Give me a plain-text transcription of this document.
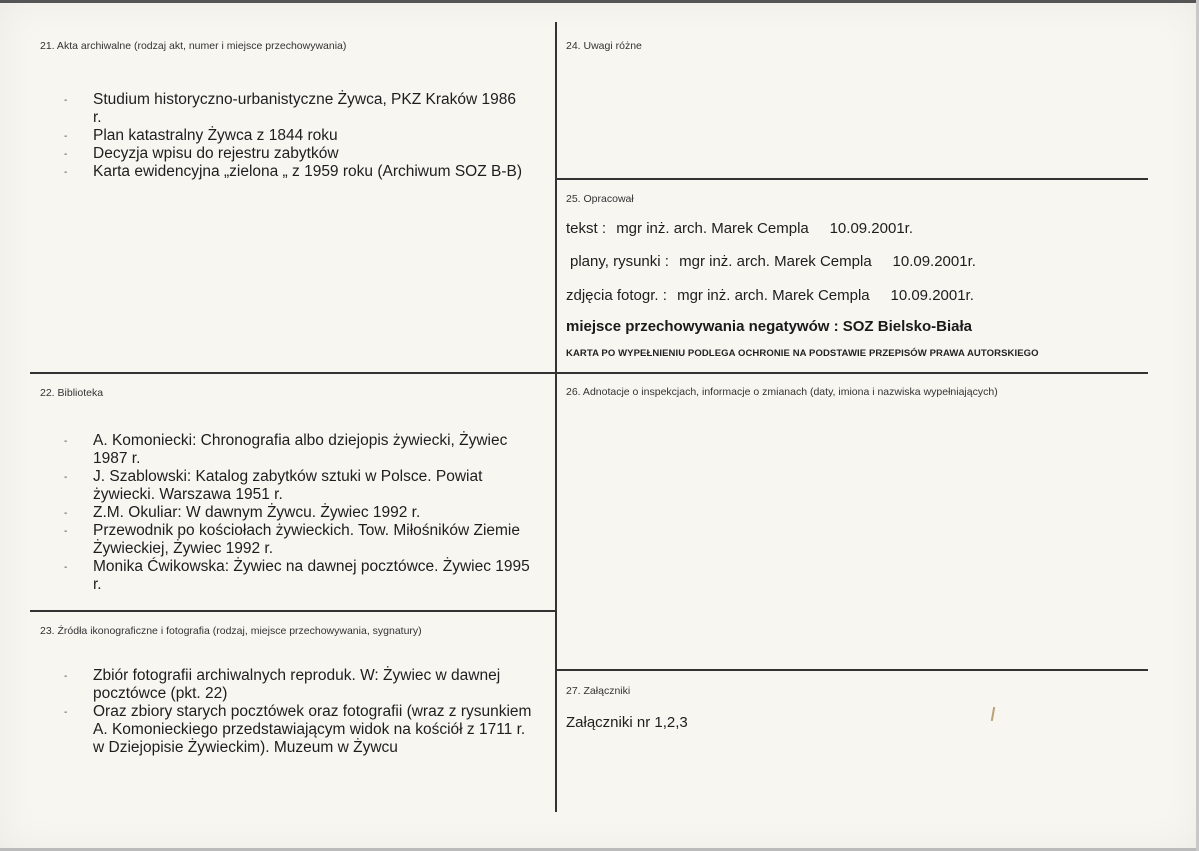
21. Akta archiwalne (rodzaj akt, numer i miejsce przechowywania)
- Studium historyczno-urbanistyczne Żywca, PKZ Kraków 1986 r.
- Plan katastralny Żywca z 1844 roku
- Decyzja wpisu do rejestru zabytków
- Karta ewidencyjna „zielona „ z 1959 roku (Archiwum SOZ B-B)
22. Biblioteka
- A. Komoniecki: Chronografia albo dziejopis żywiecki, Żywiec 1987 r.
- J. Szablowski: Katalog zabytków sztuki w Polsce. Powiat żywiecki. Warszawa 1951 r.
- Z.M. Okuliar: W dawnym Żywcu. Żywiec 1992 r.
- Przewodnik po kościołach żywieckich. Tow. Miłośników Ziemie Żywieckiej, Żywiec 1992 r.
- Monika Ćwikowska: Żywiec na dawnej pocztówce. Żywiec 1995 r.
23. Źródła ikonograficzne i fotografia (rodzaj, miejsce przechowywania, sygnatury)
- Zbiór fotografii archiwalnych reproduk. W: Żywiec w dawnej pocztówce (pkt. 22)
- Oraz zbiory starych pocztówek oraz fotografii (wraz z rysunkiem A. Komonieckiego przedstawiającym widok na kościół z 1711 r. w Dziejopisie Żywieckim). Muzeum w Żywcu
24. Uwagi różne
25. Opracował
tekst : mgr inż. arch. Marek Cempla 10.09.2001r.
plany, rysunki : mgr inż. arch. Marek Cempla 10.09.2001r.
zdjęcia fotogr. : mgr inż. arch. Marek Cempla 10.09.2001r.
miejsce przechowywania negatywów : SOZ Bielsko-Biała
KARTA PO WYPEŁNIENIU PODLEGA OCHRONIE NA PODSTAWIE PRZEPISÓW PRAWA AUTORSKIEGO
26. Adnotacje o inspekcjach, informacje o zmianach (daty, imiona i nazwiska wypełniających)
27. Załączniki
Załączniki nr 1,2,3
